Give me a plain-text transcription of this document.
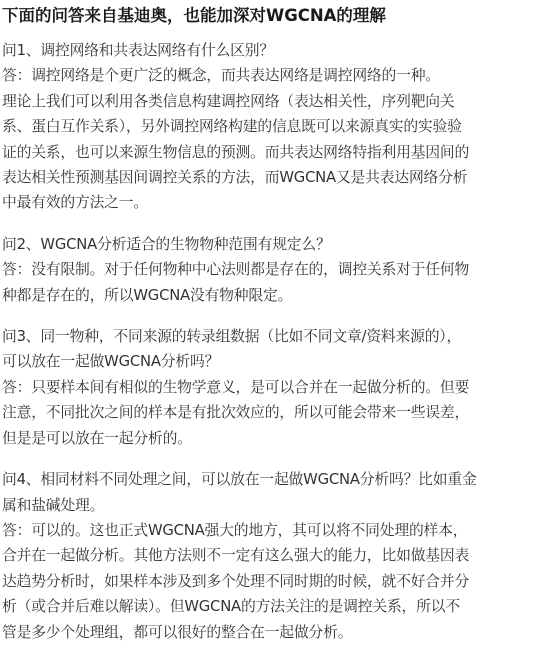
下面的问答来自基迪奥，也能加深对WGCNA的理解
问1、调控网络和共表达网络有什么区别？
答：调控网络是个更广泛的概念，而共表达网络是调控网络的一种。
理论上我们可以利用各类信息构建调控网络（表达相关性，序列靶向关
系、蛋白互作关系），另外调控网络构建的信息既可以来源真实的实验验
证的关系，也可以来源生物信息的预测。而共表达网络特指利用基因间的
表达相关性预测基因间调控关系的方法，而WGCNA又是共表达网络分析
中最有效的方法之一。
问2、WGCNA分析适合的生物物种范围有规定么？
答：没有限制。对于任何物种中心法则都是存在的，调控关系对于任何物
种都是存在的，所以WGCNA没有物种限定。
问3、同一物种，不同来源的转录组数据（比如不同文章/资料来源的），
可以放在一起做WGCNA分析吗？
答：只要样本间有相似的生物学意义，是可以合并在一起做分析的。但要
注意，不同批次之间的样本是有批次效应的，所以可能会带来一些误差，
但是是可以放在一起分析的。
问4、相同材料不同处理之间，可以放在一起做WGCNA分析吗？比如重金
属和盐碱处理。
答：可以的。这也正式WGCNA强大的地方，其可以将不同处理的样本，
合并在一起做分析。其他方法则不一定有这么强大的能力，比如做基因表
达趋势分析时，如果样本涉及到多个处理不同时期的时候，就不好合并分
析（或合并后难以解读）。但WGCNA的方法关注的是调控关系，所以不
管是多少个处理组，都可以很好的整合在一起做分析。
